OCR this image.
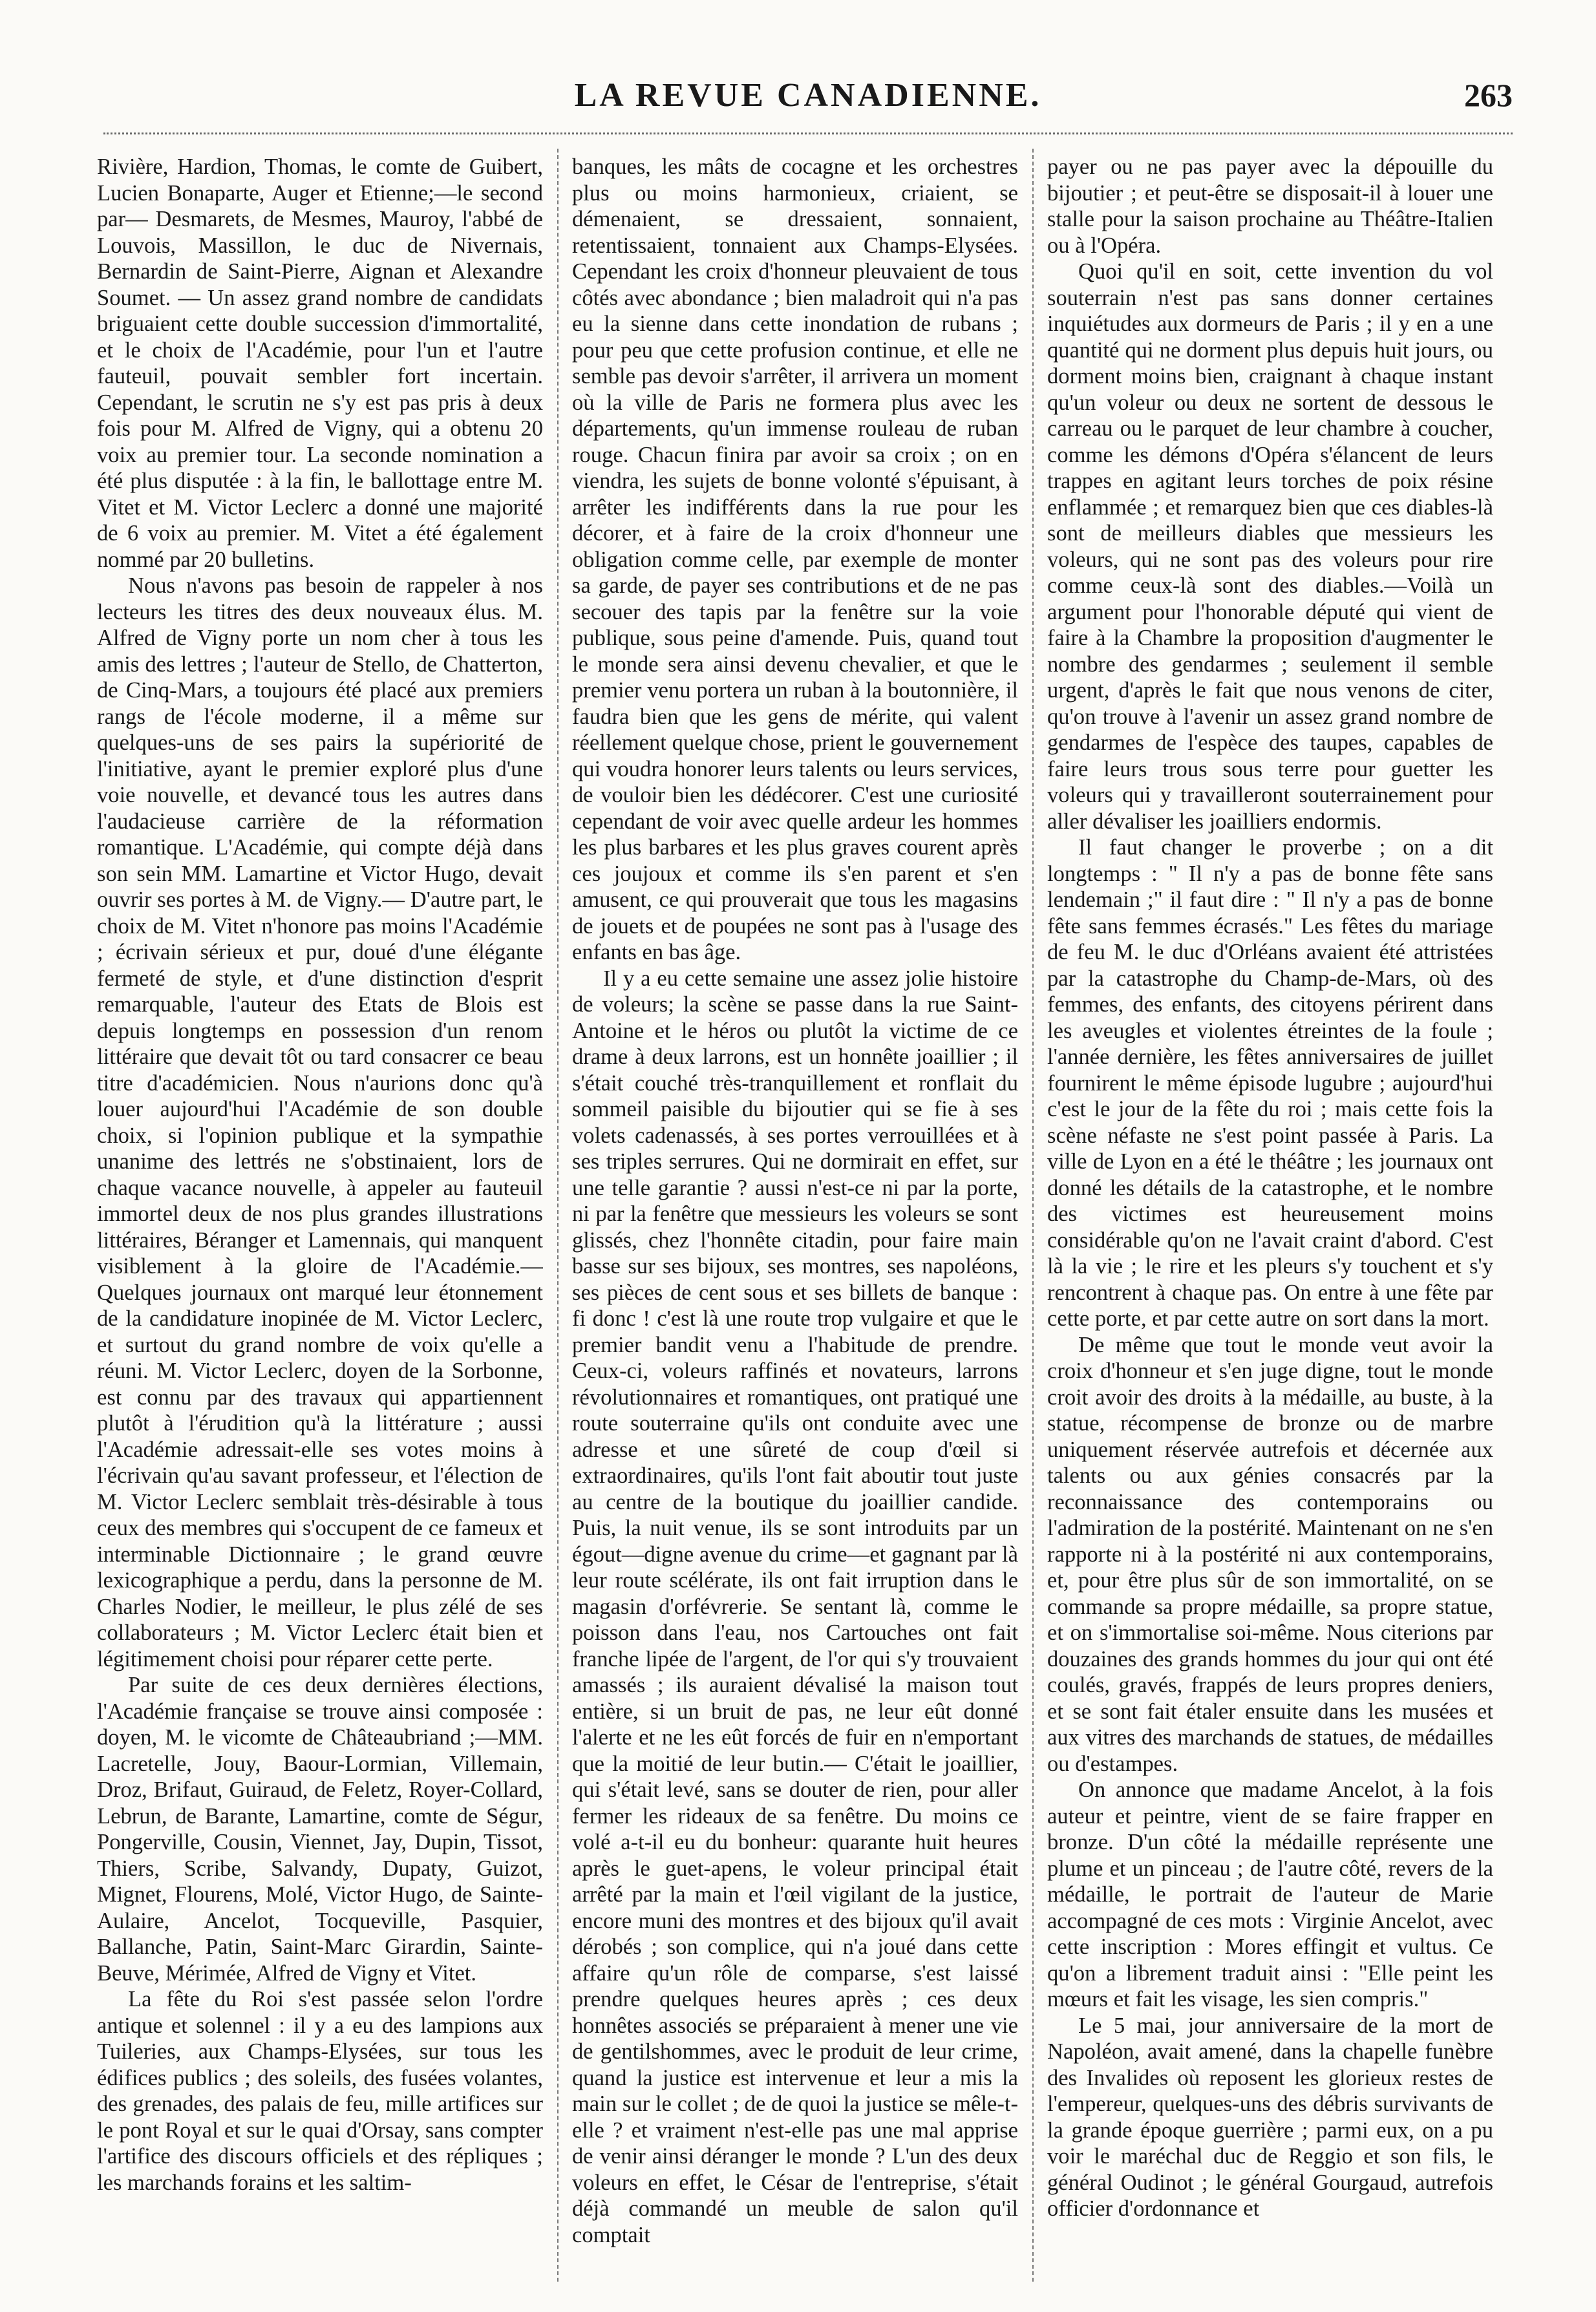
LA REVUE CANADIENNE.	263

Rivière, Hardion, Thomas, le comte de Guibert, Lucien Bonaparte, Auger et Etienne;—le second par— Desmarets, de Mesmes, Mauroy, l'abbé de Louvois, Massillon, le duc de Nivernais, Bernardin de Saint-Pierre, Aignan et Alexandre Soumet. — Un assez grand nombre de candidats briguaient cette double succession d'immortalité, et le choix de l'Académie, pour l'un et l'autre fauteuil, pouvait sembler fort incertain. Cependant, le scrutin ne s'y est pas pris à deux fois pour M. Alfred de Vigny, qui a obtenu 20 voix au premier tour. La seconde nomination a été plus disputée : à la fin, le ballottage entre M. Vitet et M. Victor Leclerc a donné une majorité de 6 voix au premier. M. Vitet a été également nommé par 20 bulletins.

Nous n'avons pas besoin de rappeler à nos lecteurs les titres des deux nouveaux élus. M. Alfred de Vigny porte un nom cher à tous les amis des lettres ; l'auteur de Stello, de Chatterton, de Cinq-Mars, a toujours été placé aux premiers rangs de l'école moderne, il a même sur quelques-uns de ses pairs la supériorité de l'initiative, ayant le premier exploré plus d'une voie nouvelle, et devancé tous les autres dans l'audacieuse carrière de la réformation romantique. L'Académie, qui compte déjà dans son sein MM. Lamartine et Victor Hugo, devait ouvrir ses portes à M. de Vigny.— D'autre part, le choix de M. Vitet n'honore pas moins l'Académie ; écrivain sérieux et pur, doué d'une élégante fermeté de style, et d'une distinction d'esprit remarquable, l'auteur des Etats de Blois est depuis longtemps en possession d'un renom littéraire que devait tôt ou tard consacrer ce beau titre d'académicien. Nous n'aurions donc qu'à louer aujourd'hui l'Académie de son double choix, si l'opinion publique et la sympathie unanime des lettrés ne s'obstinaient, lors de chaque vacance nouvelle, à appeler au fauteuil immortel deux de nos plus grandes illustrations littéraires, Béranger et Lamennais, qui manquent visiblement à la gloire de l'Académie.— Quelques journaux ont marqué leur étonnement de la candidature inopinée de M. Victor Leclerc, et surtout du grand nombre de voix qu'elle a réuni. M. Victor Leclerc, doyen de la Sorbonne, est connu par des travaux qui appartiennent plutôt à l'érudition qu'à la littérature ; aussi l'Académie adressait-elle ses votes moins à l'écrivain qu'au savant professeur, et l'élection de M. Victor Leclerc semblait très-désirable à tous ceux des membres qui s'occupent de ce fameux et interminable Dictionnaire ; le grand œuvre lexicographique a perdu, dans la personne de M. Charles Nodier, le meilleur, le plus zélé de ses collaborateurs ; M. Victor Leclerc était bien et légitimement choisi pour réparer cette perte.

Par suite de ces deux dernières élections, l'Académie française se trouve ainsi composée : doyen, M. le vicomte de Châteaubriand ;—MM. Lacretelle, Jouy, Baour-Lormian, Villemain, Droz, Brifaut, Guiraud, de Feletz, Royer-Collard, Lebrun, de Barante, Lamartine, comte de Ségur, Pongerville, Cousin, Viennet, Jay, Dupin, Tissot, Thiers, Scribe, Salvandy, Dupaty, Guizot, Mignet, Flourens, Molé, Victor Hugo, de Sainte-Aulaire, Ancelot, Tocqueville, Pasquier, Ballanche, Patin, Saint-Marc Girardin, Sainte-Beuve, Mérimée, Alfred de Vigny et Vitet.

La fête du Roi s'est passée selon l'ordre antique et solennel : il y a eu des lampions aux Tuileries, aux Champs-Elysées, sur tous les édifices publics ; des soleils, des fusées volantes, des grenades, des palais de feu, mille artifices sur le pont Royal et sur le quai d'Orsay, sans compter l'artifice des discours officiels et des répliques ; les marchands forains et les saltim-

banques, les mâts de cocagne et les orchestres plus ou moins harmonieux, criaient, se démenaient, se dressaient, sonnaient, retentissaient, tonnaient aux Champs-Elysées. Cependant les croix d'honneur pleuvaient de tous côtés avec abondance ; bien maladroit qui n'a pas eu la sienne dans cette inondation de rubans ; pour peu que cette profusion continue, et elle ne semble pas devoir s'arrêter, il arrivera un moment où la ville de Paris ne formera plus avec les départements, qu'un immense rouleau de ruban rouge. Chacun finira par avoir sa croix ; on en viendra, les sujets de bonne volonté s'épuisant, à arrêter les indifférents dans la rue pour les décorer, et à faire de la croix d'honneur une obligation comme celle, par exemple de monter sa garde, de payer ses contributions et de ne pas secouer des tapis par la fenêtre sur la voie publique, sous peine d'amende. Puis, quand tout le monde sera ainsi devenu chevalier, et que le premier venu portera un ruban à la boutonnière, il faudra bien que les gens de mérite, qui valent réellement quelque chose, prient le gouvernement qui voudra honorer leurs talents ou leurs services, de vouloir bien les dédécorer. C'est une curiosité cependant de voir avec quelle ardeur les hommes les plus barbares et les plus graves courent après ces joujoux et comme ils s'en parent et s'en amusent, ce qui prouverait que tous les magasins de jouets et de poupées ne sont pas à l'usage des enfants en bas âge.

Il y a eu cette semaine une assez jolie histoire de voleurs; la scène se passe dans la rue Saint-Antoine et le héros ou plutôt la victime de ce drame à deux larrons, est un honnête joaillier ; il s'était couché très-tranquillement et ronflait du sommeil paisible du bijoutier qui se fie à ses volets cadenassés, à ses portes verrouillées et à ses triples serrures. Qui ne dormirait en effet, sur une telle garantie ? aussi n'est-ce ni par la porte, ni par la fenêtre que messieurs les voleurs se sont glissés, chez l'honnête citadin, pour faire main basse sur ses bijoux, ses montres, ses napoléons, ses pièces de cent sous et ses billets de banque : fi donc ! c'est là une route trop vulgaire et que le premier bandit venu a l'habitude de prendre. Ceux-ci, voleurs raffinés et novateurs, larrons révolutionnaires et romantiques, ont pratiqué une route souterraine qu'ils ont conduite avec une adresse et une sûreté de coup d'œil si extraordinaires, qu'ils l'ont fait aboutir tout juste au centre de la boutique du joaillier candide. Puis, la nuit venue, ils se sont introduits par un égout—digne avenue du crime—et gagnant par là leur route scélérate, ils ont fait irruption dans le magasin d'orfévrerie. Se sentant là, comme le poisson dans l'eau, nos Cartouches ont fait franche lipée de l'argent, de l'or qui s'y trouvaient amassés ; ils auraient dévalisé la maison tout entière, si un bruit de pas, ne leur eût donné l'alerte et ne les eût forcés de fuir en n'emportant que la moitié de leur butin.— C'était le joaillier, qui s'était levé, sans se douter de rien, pour aller fermer les rideaux de sa fenêtre. Du moins ce volé a-t-il eu du bonheur: quarante huit heures après le guet-apens, le voleur principal était arrêté par la main et l'œil vigilant de la justice, encore muni des montres et des bijoux qu'il avait dérobés ; son complice, qui n'a joué dans cette affaire qu'un rôle de comparse, s'est laissé prendre quelques heures après ; ces deux honnêtes associés se préparaient à mener une vie de gentilshommes, avec le produit de leur crime, quand la justice est intervenue et leur a mis la main sur le collet ; de de quoi la justice se mêle-t-elle ? et vraiment n'est-elle pas une mal apprise de venir ainsi déranger le monde ? L'un des deux voleurs en effet, le César de l'entreprise, s'était déjà commandé un meuble de salon qu'il comptait

payer ou ne pas payer avec la dépouille du bijoutier ; et peut-être se disposait-il à louer une stalle pour la saison prochaine au Théâtre-Italien ou à l'Opéra.

Quoi qu'il en soit, cette invention du vol souterrain n'est pas sans donner certaines inquiétudes aux dormeurs de Paris ; il y en a une quantité qui ne dorment plus depuis huit jours, ou dorment moins bien, craignant à chaque instant qu'un voleur ou deux ne sortent de dessous le carreau ou le parquet de leur chambre à coucher, comme les démons d'Opéra s'élancent de leurs trappes en agitant leurs torches de poix résine enflammée ; et remarquez bien que ces diables-là sont de meilleurs diables que messieurs les voleurs, qui ne sont pas des voleurs pour rire comme ceux-là sont des diables.—Voilà un argument pour l'honorable député qui vient de faire à la Chambre la proposition d'augmenter le nombre des gendarmes ; seulement il semble urgent, d'après le fait que nous venons de citer, qu'on trouve à l'avenir un assez grand nombre de gendarmes de l'espèce des taupes, capables de faire leurs trous sous terre pour guetter les voleurs qui y travailleront souterrainement pour aller dévaliser les joailliers endormis.

Il faut changer le proverbe ; on a dit longtemps : " Il n'y a pas de bonne fête sans lendemain ;" il faut dire : " Il n'y a pas de bonne fête sans femmes écrasés." Les fêtes du mariage de feu M. le duc d'Orléans avaient été attristées par la catastrophe du Champ-de-Mars, où des femmes, des enfants, des citoyens périrent dans les aveugles et violentes étreintes de la foule ; l'année dernière, les fêtes anniversaires de juillet fournirent le même épisode lugubre ; aujourd'hui c'est le jour de la fête du roi ; mais cette fois la scène néfaste ne s'est point passée à Paris. La ville de Lyon en a été le théâtre ; les journaux ont donné les détails de la catastrophe, et le nombre des victimes est heureusement moins considérable qu'on ne l'avait craint d'abord. C'est là la vie ; le rire et les pleurs s'y touchent et s'y rencontrent à chaque pas. On entre à une fête par cette porte, et par cette autre on sort dans la mort.

De même que tout le monde veut avoir la croix d'honneur et s'en juge digne, tout le monde croit avoir des droits à la médaille, au buste, à la statue, récompense de bronze ou de marbre uniquement réservée autrefois et décernée aux talents ou aux génies consacrés par la reconnaissance des contemporains ou l'admiration de la postérité. Maintenant on ne s'en rapporte ni à la postérité ni aux contemporains, et, pour être plus sûr de son immortalité, on se commande sa propre médaille, sa propre statue, et on s'immortalise soi-même. Nous citerions par douzaines des grands hommes du jour qui ont été coulés, gravés, frappés de leurs propres deniers, et se sont fait étaler ensuite dans les musées et aux vitres des marchands de statues, de médailles ou d'estampes.

On annonce que madame Ancelot, à la fois auteur et peintre, vient de se faire frapper en bronze. D'un côté la médaille représente une plume et un pinceau ; de l'autre côté, revers de la médaille, le portrait de l'auteur de Marie accompagné de ces mots : Virginie Ancelot, avec cette inscription : Mores effingit et vultus. Ce qu'on a librement traduit ainsi : "Elle peint les mœurs et fait les visage, les sien compris."

Le 5 mai, jour anniversaire de la mort de Napoléon, avait amené, dans la chapelle funèbre des Invalides où reposent les glorieux restes de l'empereur, quelques-uns des débris survivants de la grande époque guerrière ; parmi eux, on a pu voir le maréchal duc de Reggio et son fils, le général Oudinot ; le général Gourgaud, autrefois officier d'ordonnance et
